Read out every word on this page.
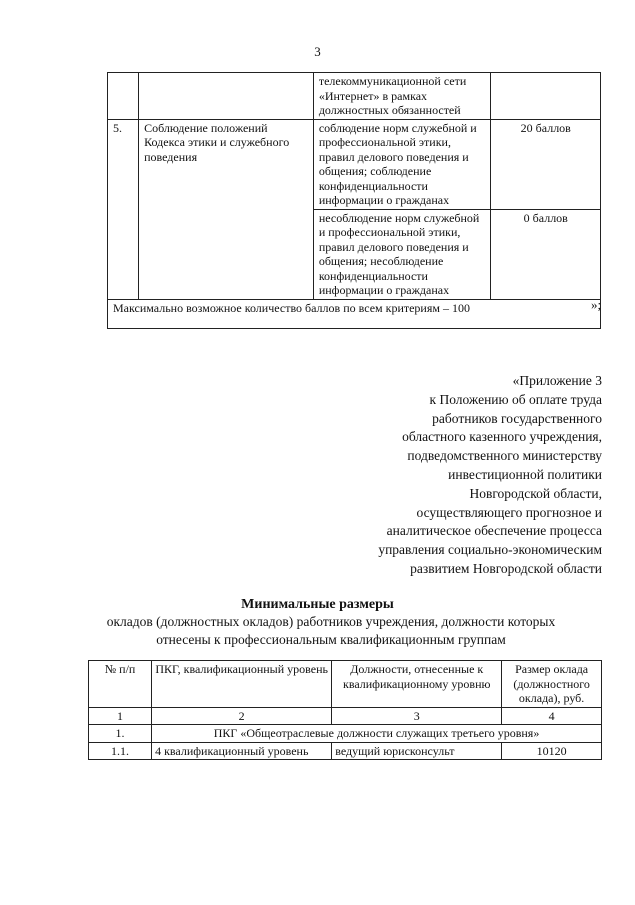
3
		телекоммуникационной сети «Интернет» в рамках должностных обязанностей	
5.	Соблюдение положений Кодекса этики и служебного поведения	соблюдение норм служебной и профессиональной этики, правил делового поведения и общения; соблюдение конфиденциальности информации о гражданах	20 баллов
		несоблюдение норм служебной и профессиональной этики, правил делового поведения и общения; несоблюдение конфиденциальности информации о гражданах	0 баллов
Максимально возможное количество баллов по всем критериям – 100				»;
«Приложение 3
к Положению об оплате труда
работников государственного
областного казенного учреждения,
подведомственного министерству
инвестиционной политики
Новгородской области,
осуществляющего прогнозное и
аналитическое обеспечение процесса
управления социально-экономическим
развитием Новгородской области
Минимальные размеры
окладов (должностных окладов) работников учреждения, должности которых
отнесены к профессиональным квалификационным группам
№ п/п	ПКГ, квалификационный уровень	Должности, отнесенные к квалификационному уровню	Размер оклада (должностного оклада), руб.
1	2	3	4
1.	ПКГ «Общеотраслевые должности служащих третьего уровня»		
1.1.	4 квалификационный уровень	ведущий юрисконсульт	10120
